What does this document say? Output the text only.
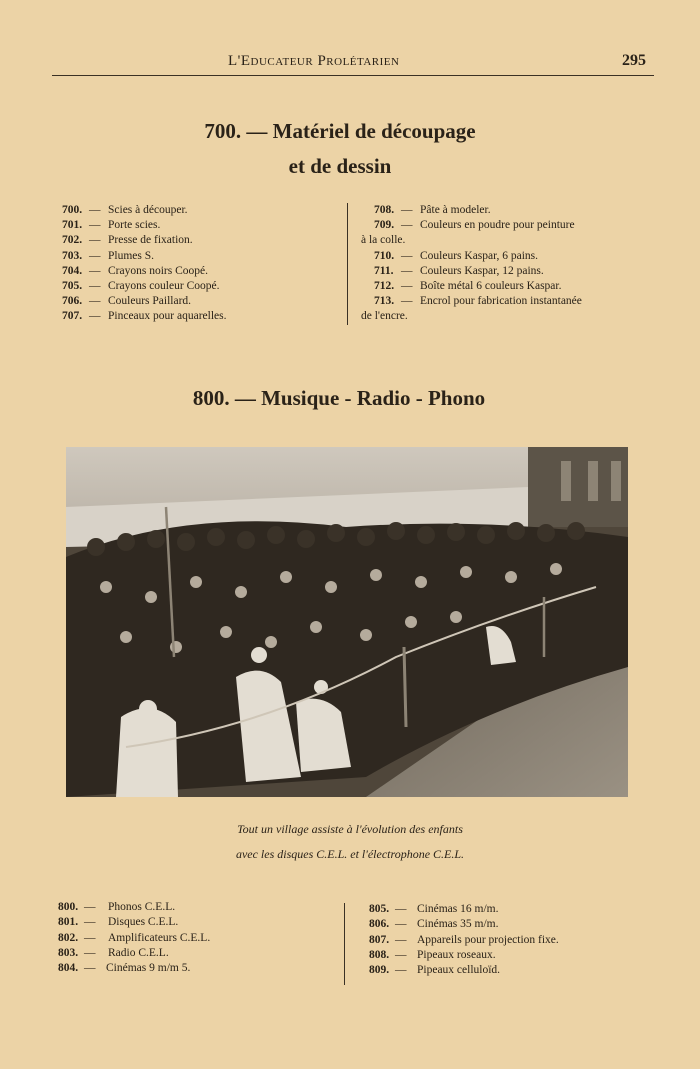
L'Educateur Prolétarien	295
700. — Matériel de découpage
et de dessin
700. — Scies à découper.
701. — Porte scies.
702. — Presse de fixation.
703. — Plumes S.
704. — Crayons noirs Coopé.
705. — Crayons couleur Coopé.
706. — Couleurs Paillard.
707. — Pinceaux pour aquarelles.
708. — Pâte à modeler.
709. — Couleurs en poudre pour peinture
à la colle.
710. — Couleurs Kaspar, 6 pains.
711. — Couleurs Kaspar, 12 pains.
712. — Boîte métal 6 couleurs Kaspar.
713. — Encrol pour fabrication instantanée
de l'encre.
800. — Musique - Radio - Phono
Tout un village assiste à l'évolution des enfants
avec les disques C.E.L. et l'électrophone C.E.L.
800. — Phonos C.E.L.
801. — Disques C.E.L.
802. — Amplificateurs C.E.L.
803. — Radio C.E.L.
804. — Cinémas 9 m/m 5.
805. — Cinémas 16 m/m.
806. — Cinémas 35 m/m.
807. — Appareils pour projection fixe.
808. — Pipeaux roseaux.
809. — Pipeaux celluloïd.
